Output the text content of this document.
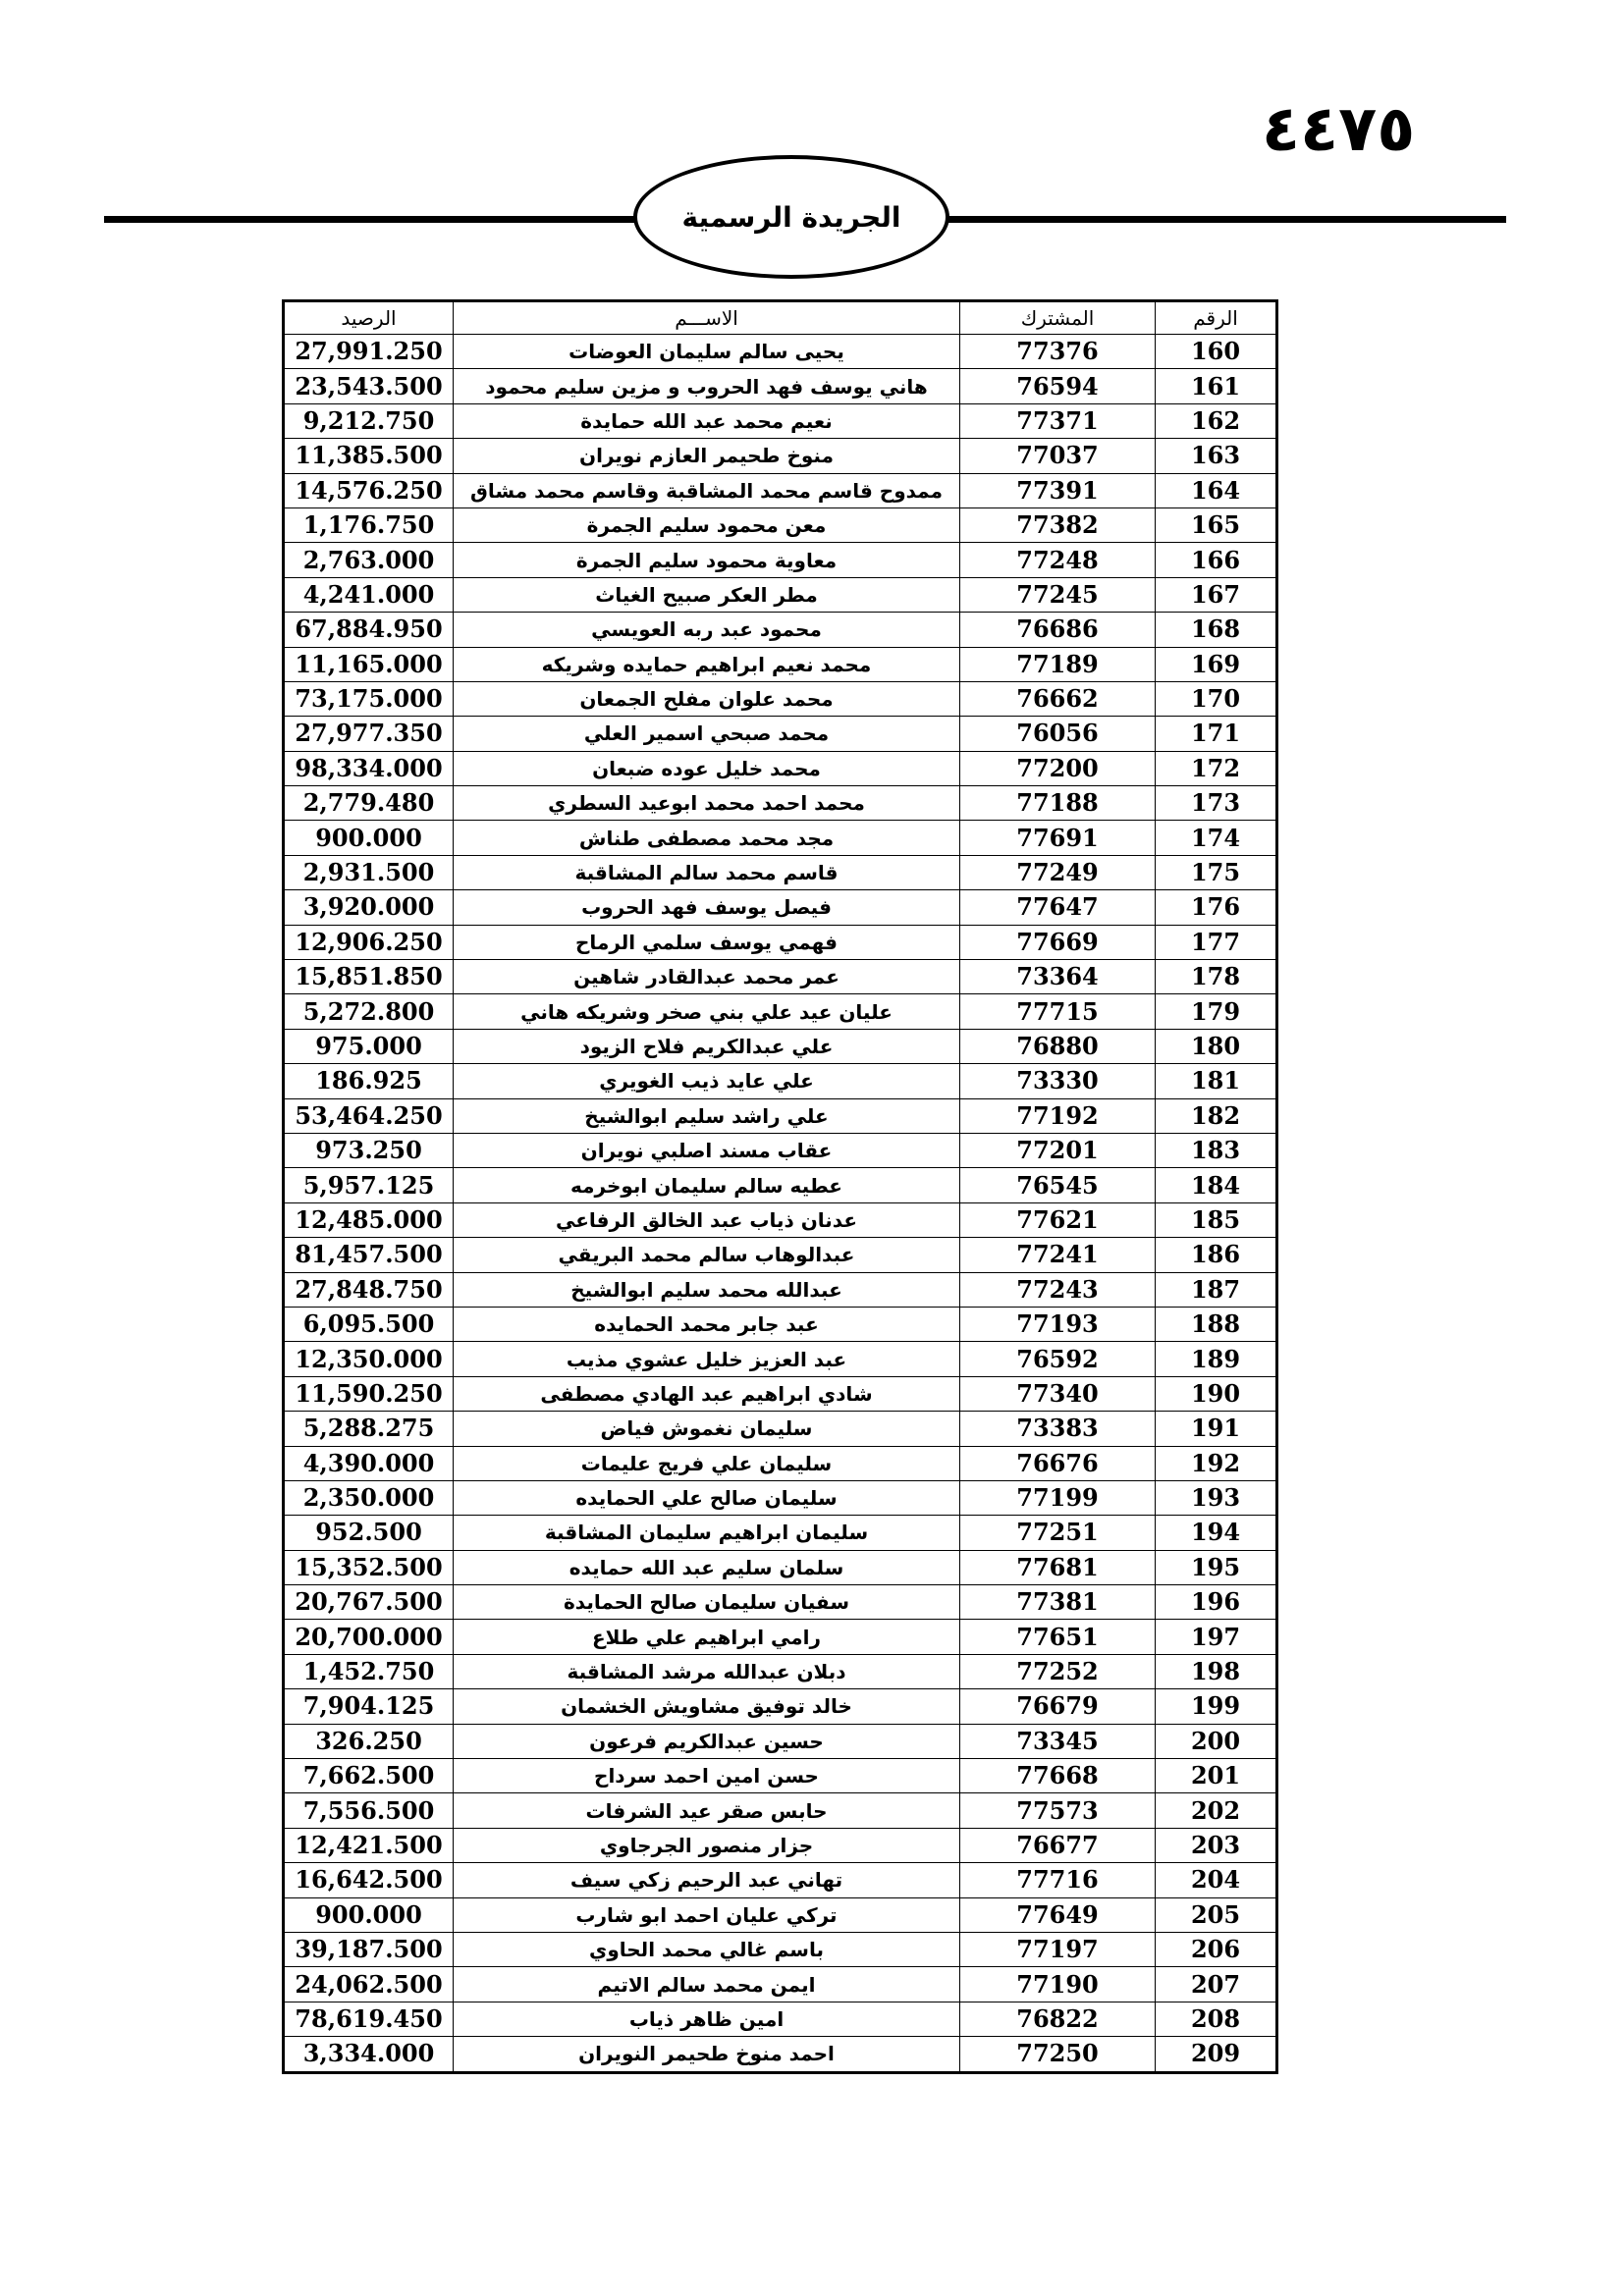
٤٤٧٥
الجريدة الرسمية
الرقم	المشترك	الاســـم	الرصيد
160	77376	يحيى سالم سليمان العوضات	27,991.250
161	76594	هاني يوسف فهد الحروب و مزين سليم محمود	23,543.500
162	77371	نعيم محمد عبد الله حمايدة	9,212.750
163	77037	منوخ طحيمر العازم نويران	11,385.500
164	77391	ممدوح قاسم محمد المشاقبة وقاسم محمد مشاق	14,576.250
165	77382	معن محمود سليم الجمرة	1,176.750
166	77248	معاوية محمود سليم الجمرة	2,763.000
167	77245	مطر العكر صبيح الغياث	4,241.000
168	76686	محمود عبد ربه العويسي	67,884.950
169	77189	محمد نعيم ابراهيم حمايده وشريكه	11,165.000
170	76662	محمد علوان مفلح الجمعان	73,175.000
171	76056	محمد صبحي اسمير العلي	27,977.350
172	77200	محمد خليل عوده ضبعان	98,334.000
173	77188	محمد احمد محمد ابوعيد السطري	2,779.480
174	77691	مجد محمد مصطفى طناش	900.000
175	77249	قاسم محمد سالم المشاقبة	2,931.500
176	77647	فيصل يوسف فهد الحروب	3,920.000
177	77669	فهمي يوسف سلمي الرماح	12,906.250
178	73364	عمر محمد عبدالقادر شاهين	15,851.850
179	77715	عليان عيد علي بني صخر وشريكه هاني	5,272.800
180	76880	علي عبدالكريم فلاح الزيود	975.000
181	73330	علي عايد ذيب الغويري	186.925
182	77192	علي راشد سليم ابوالشيخ	53,464.250
183	77201	عقاب مسند اصلبي نويران	973.250
184	76545	عطيه سالم سليمان ابوخرمه	5,957.125
185	77621	عدنان ذياب عبد الخالق الرفاعي	12,485.000
186	77241	عبدالوهاب سالم محمد البريقي	81,457.500
187	77243	عبدالله محمد سليم ابوالشيخ	27,848.750
188	77193	عبد جابر محمد الحمايده	6,095.500
189	76592	عبد العزيز خليل عشوي مذيب	12,350.000
190	77340	شادي ابراهيم عبد الهادي مصطفى	11,590.250
191	73383	سليمان نغموش فياض	5,288.275
192	76676	سليمان علي فريج عليمات	4,390.000
193	77199	سليمان صالح علي الحمايده	2,350.000
194	77251	سليمان ابراهيم سليمان المشاقبة	952.500
195	77681	سلمان سليم عبد الله حمايده	15,352.500
196	77381	سفيان سليمان صالح الحمايدة	20,767.500
197	77651	رامي ابراهيم علي طلاع	20,700.000
198	77252	دبلان عبدالله مرشد المشاقبة	1,452.750
199	76679	خالد توفيق مشاويش الخشمان	7,904.125
200	73345	حسين عبدالكريم فرعون	326.250
201	77668	حسن امين احمد سرداح	7,662.500
202	77573	حابس صقر عيد الشرفات	7,556.500
203	76677	جزار منصور الجرجاوي	12,421.500
204	77716	تهاني عبد الرحيم زكي سيف	16,642.500
205	77649	تركي عليان احمد ابو شارب	900.000
206	77197	باسم غالي محمد الحاوي	39,187.500
207	77190	ايمن محمد سالم الاتيم	24,062.500
208	76822	امين ظاهر ذياب	78,619.450
209	77250	احمد منوخ طحيمر النويران	3,334.000
